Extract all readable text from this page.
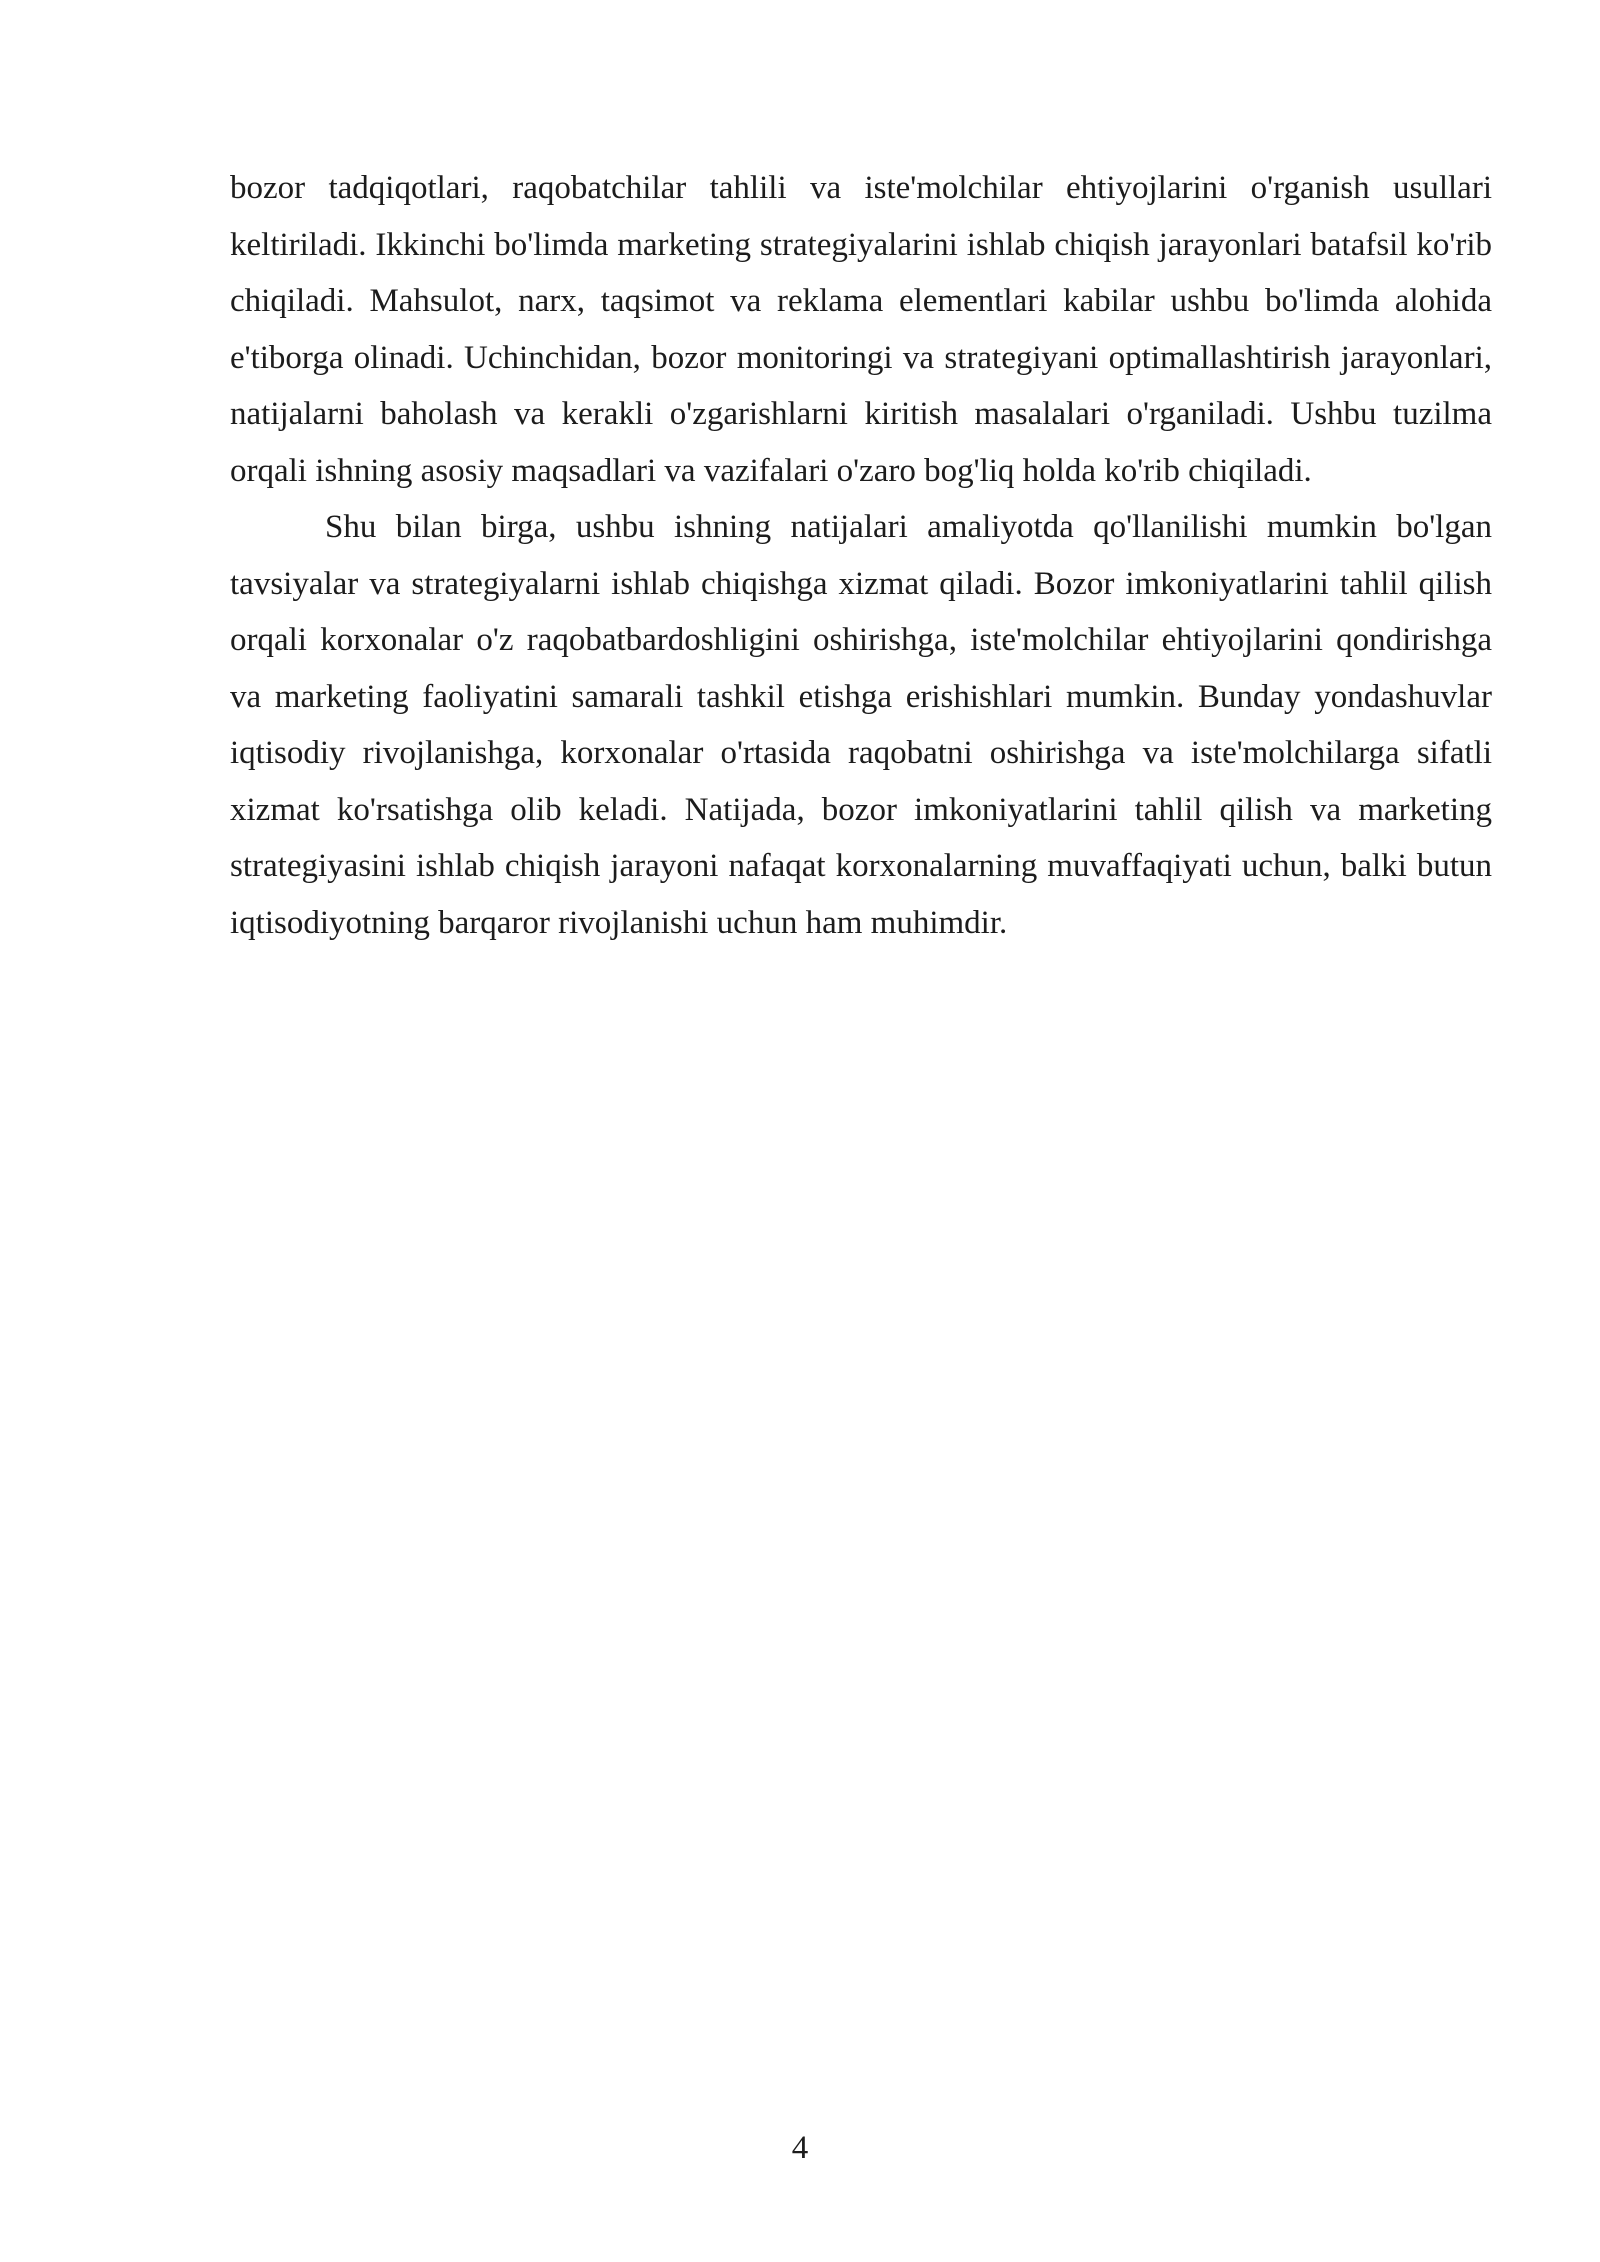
bozor tadqiqotlari, raqobatchilar tahlili va iste'molchilar ehtiyojlarini o'rganish usullari keltiriladi. Ikkinchi bo'limda marketing strategiyalarini ishlab chiqish jarayonlari batafsil ko'rib chiqiladi. Mahsulot, narx, taqsimot va reklama elementlari kabilar ushbu bo'limda alohida e'tiborga olinadi. Uchinchidan, bozor monitoringi va strategiyani optimallashtirish jarayonlari, natijalarni baholash va kerakli o'zgarishlarni kiritish masalalari o'rganiladi. Ushbu tuzilma orqali ishning asosiy maqsadlari va vazifalari o'zaro bog'liq holda ko'rib chiqiladi.

Shu bilan birga, ushbu ishning natijalari amaliyotda qo'llanilishi mumkin bo'lgan tavsiyalar va strategiyalarni ishlab chiqishga xizmat qiladi. Bozor imkoniyatlarini tahlil qilish orqali korxonalar o'z raqobatbardoshligini oshirishga, iste'molchilar ehtiyojlarini qondirishga va marketing faoliyatini samarali tashkil etishga erishishlari mumkin. Bunday yondashuvlar iqtisodiy rivojlanishga, korxonalar o'rtasida raqobatni oshirishga va iste'molchilarga sifatli xizmat ko'rsatishga olib keladi. Natijada, bozor imkoniyatlarini tahlil qilish va marketing strategiyasini ishlab chiqish jarayoni nafaqat korxonalarning muvaffaqiyati uchun, balki butun iqtisodiyotning barqaror rivojlanishi uchun ham muhimdir.

4
